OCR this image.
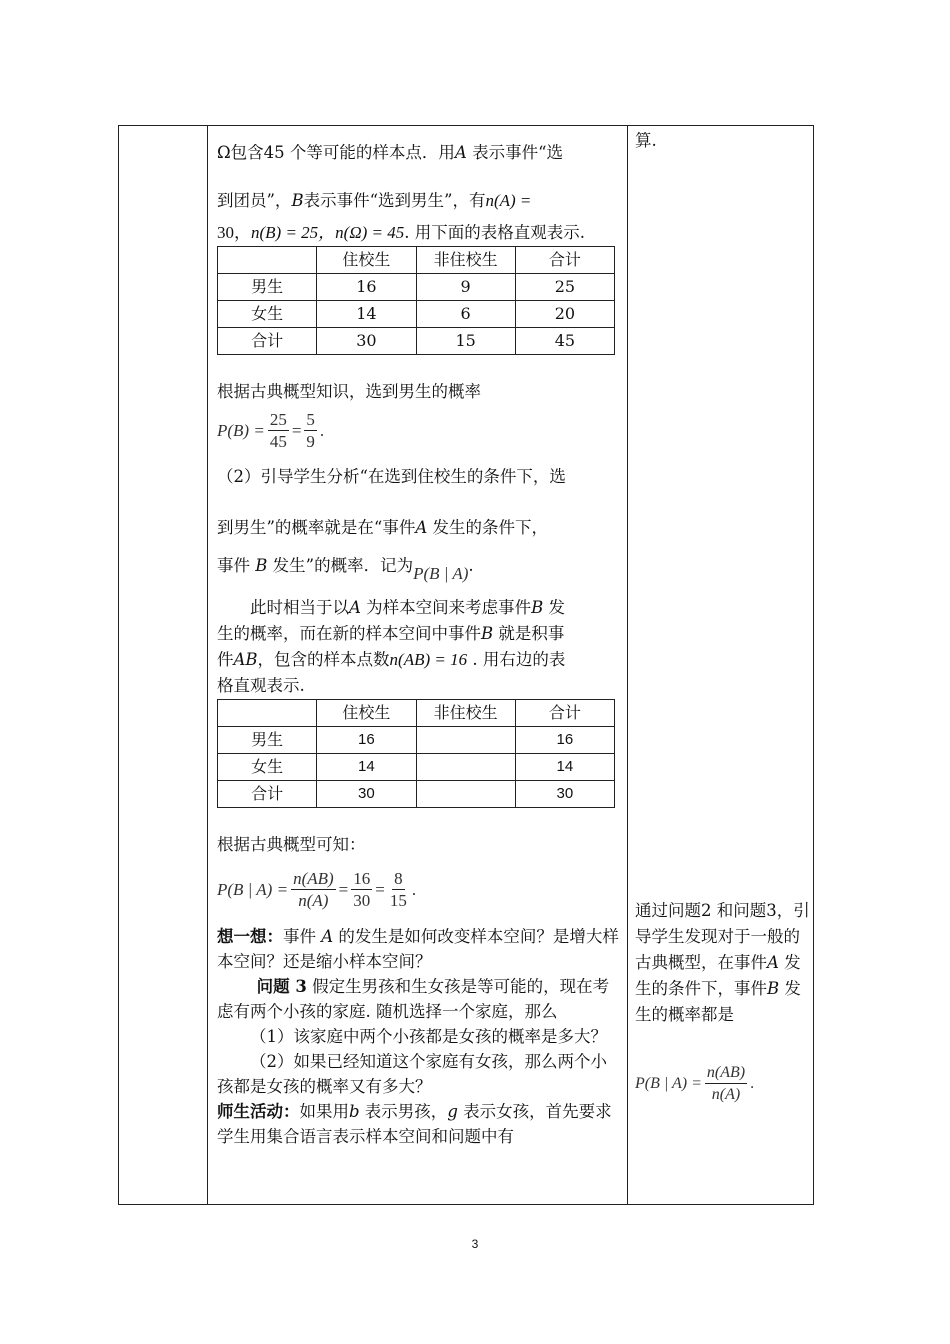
Ω包含45 个等可能的样本点．用A 表示事件“选

到团员”，B表示事件“选到男生”，有n(A) =

30，n(B) = 25，n(Ω) = 45. 用下面的表格直观表示.

	住校生	非住校生	合计
男生	16	9	25
女生	14	6	20
合计	30	15	45

根据古典概型知识，选到男生的概率

$P(B) = \frac{25}{45} = \frac{5}{9}$ .

（2）引导学生分析“在选到住校生的条件下，选

到男生”的概率就是在“事件A 发生的条件下，

事件 B 发生”的概率．记为P(B | A).

此时相当于以A 为样本空间来考虑事件B 发

生的概率，而在新的样本空间中事件B 就是积事

件AB，包含的样本点数n(AB) = 16 . 用右边的表

格直观表示.

	住校生	非住校生	合计
男生	16		16
女生	14		14
合计	30		30

根据古典概型可知：

P(B | $A) = \frac{n(AB)}{n(A)} = \frac{16}{30} = \frac{8}{15}$ .

想一想：事件 A 的发生是如何改变样本空间？是增大样本空间？还是缩小样本空间？

问题 3 假定生男孩和生女孩是等可能的，现在考虑有两个小孩的家庭. 随机选择一个家庭，那么

（1）该家庭中两个小孩都是女孩的概率是多大？

（2）如果已经知道这个家庭有女孩，那么两个小孩都是女孩的概率又有多大？

师生活动：如果用b 表示男孩，g 表示女孩，首先要求学生用集合语言表示样本空间和问题中有

算.

通过问题2 和问题3，引导学生发现对于一般的古典概型，在事件A 发生的条件下，事件B 发生的概率都是

P(B | $A) = \frac{n(AB)}{n(A)}$ .
3
